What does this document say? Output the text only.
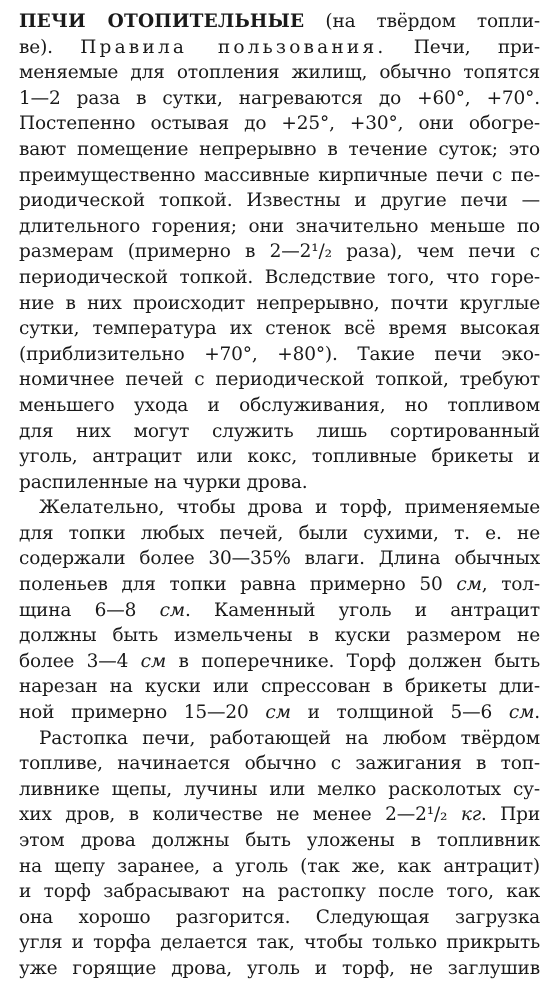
ПЕЧИ ОТОПИТЕЛЬНЫЕ (на твёрдом топли-
ве). Правила пользования. Печи, при-
меняемые для отопления жилищ, обычно топятся
1—2 раза в сутки, нагреваются до +60°, +70°.
Постепенно остывая до +25°, +30°, они обогре-
вают помещение непрерывно в течение суток; это
преимущественно массивные кирпичные печи с пе-
риодической топкой. Известны и другие печи —
длительного горения; они значительно меньше по
размерам (примерно в 2—2¹/₂ раза), чем печи с
периодической топкой. Вследствие того, что горе-
ние в них происходит непрерывно, почти круглые
сутки, температура их стенок всё время высокая
(приблизительно +70°, +80°). Такие печи эко-
номичнее печей с периодической топкой, требуют
меньшего ухода и обслуживания, но топливом
для них могут служить лишь сортированный
уголь, антрацит или кокс, топливные брикеты и
распиленные на чурки дрова.
Желательно, чтобы дрова и торф, применяемые
для топки любых печей, были сухими, т. е. не
содержали более 30—35% влаги. Длина обычных
поленьев для топки равна примерно 50 см, тол-
щина 6—8 см. Каменный уголь и антрацит
должны быть измельчены в куски размером не
более 3—4 см в поперечнике. Торф должен быть
нарезан на куски или спрессован в брикеты дли-
ной примерно 15—20 см и толщиной 5—6 см.
Растопка печи, работающей на любом твёрдом
топливе, начинается обычно с зажигания в топ-
ливнике щепы, лучины или мелко расколотых су-
хих дров, в количестве не менее 2—2¹/₂ кг. При
этом дрова должны быть уложены в топливник
на щепу заранее, а уголь (так же, как антрацит)
и торф забрасывают на растопку после того, как
она хорошо разгорится. Следующая загрузка
угля и торфа делается так, чтобы только прикрыть
уже горящие дрова, уголь и торф, не заглушив
